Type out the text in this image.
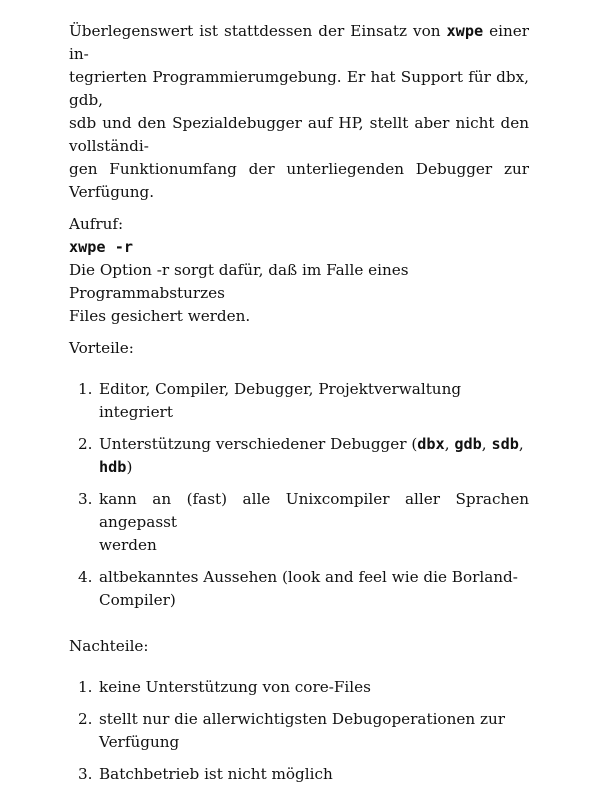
Überlegenswert ist stattdessen der Einsatz von xwpe einer in-
tegrierten Programmierumgebung. Er hat Support für dbx, gdb,
sdb und den Spezialdebugger auf HP, stellt aber nicht den vollständi-
gen Funktionumfang der unterliegenden Debugger zur Verfügung.

Aufruf:
xwpe -r
Die Option -r sorgt dafür, daß im Falle eines Programmabsturzes
Files gesichert werden.
Vorteile:
1. Editor, Compiler, Debugger, Projektverwaltung integriert
2. Unterstützung verschiedener Debugger (dbx, gdb, sdb, hdb)
3. kann an (fast) alle Unixcompiler aller Sprachen angepasst
werden
4. altbekanntes Aussehen (look and feel wie die Borland-Compiler)
Nachteile:
1. keine Unterstützung von core-Files
2. stellt nur die allerwichtigsten Debugoperationen zur Verfügung
3. Batchbetrieb ist nicht möglich
